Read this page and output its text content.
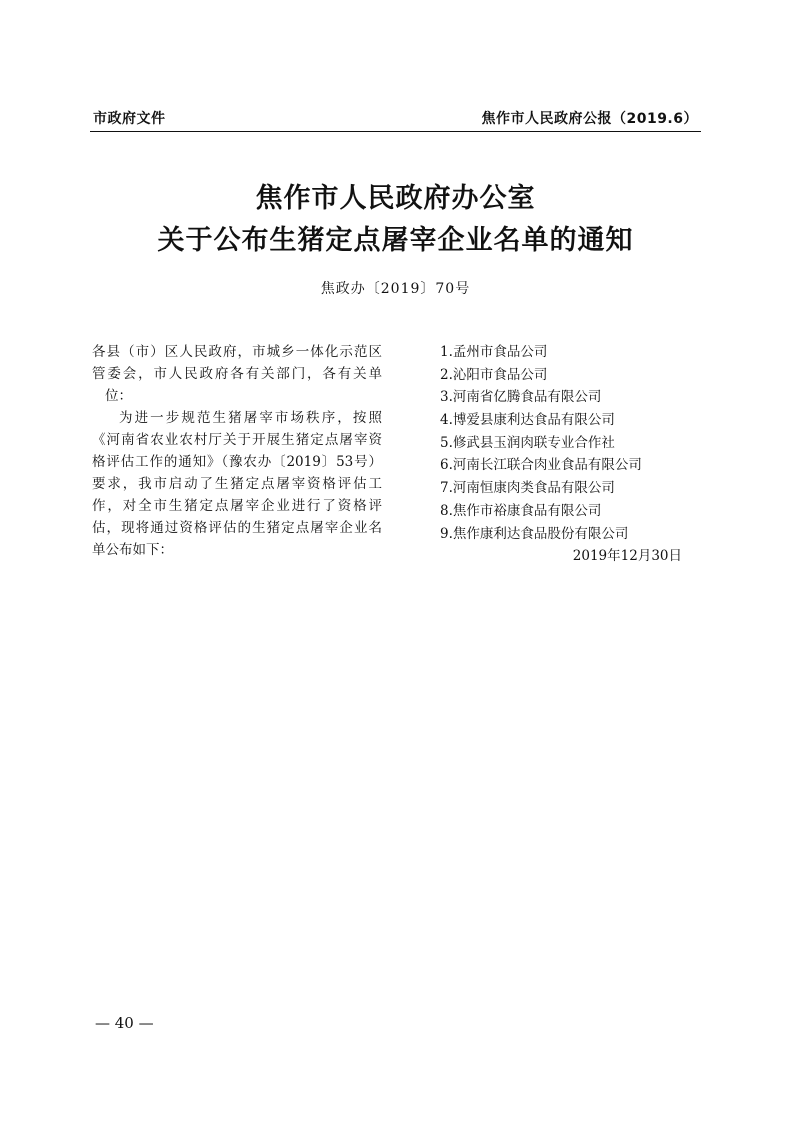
市政府文件	焦作市人民政府公报（2019.6）
焦作市人民政府办公室
关于公布生猪定点屠宰企业名单的通知
焦政办〔2019〕70号
各县（市）区人民政府，市城乡一体化示范区
管委会，市人民政府各有关部门，各有关单
位：
为进一步规范生猪屠宰市场秩序，按照
《河南省农业农村厅关于开展生猪定点屠宰资
格评估工作的通知》（豫农办〔2019〕53号）
要求，我市启动了生猪定点屠宰资格评估工
作，对全市生猪定点屠宰企业进行了资格评
估，现将通过资格评估的生猪定点屠宰企业名
单公布如下：
1.孟州市食品公司
2.沁阳市食品公司
3.河南省亿腾食品有限公司
4.博爱县康利达食品有限公司
5.修武县玉润肉联专业合作社
6.河南长江联合肉业食品有限公司
7.河南恒康肉类食品有限公司
8.焦作市裕康食品有限公司
9.焦作康利达食品股份有限公司
2019年12月30日
— 40 —
